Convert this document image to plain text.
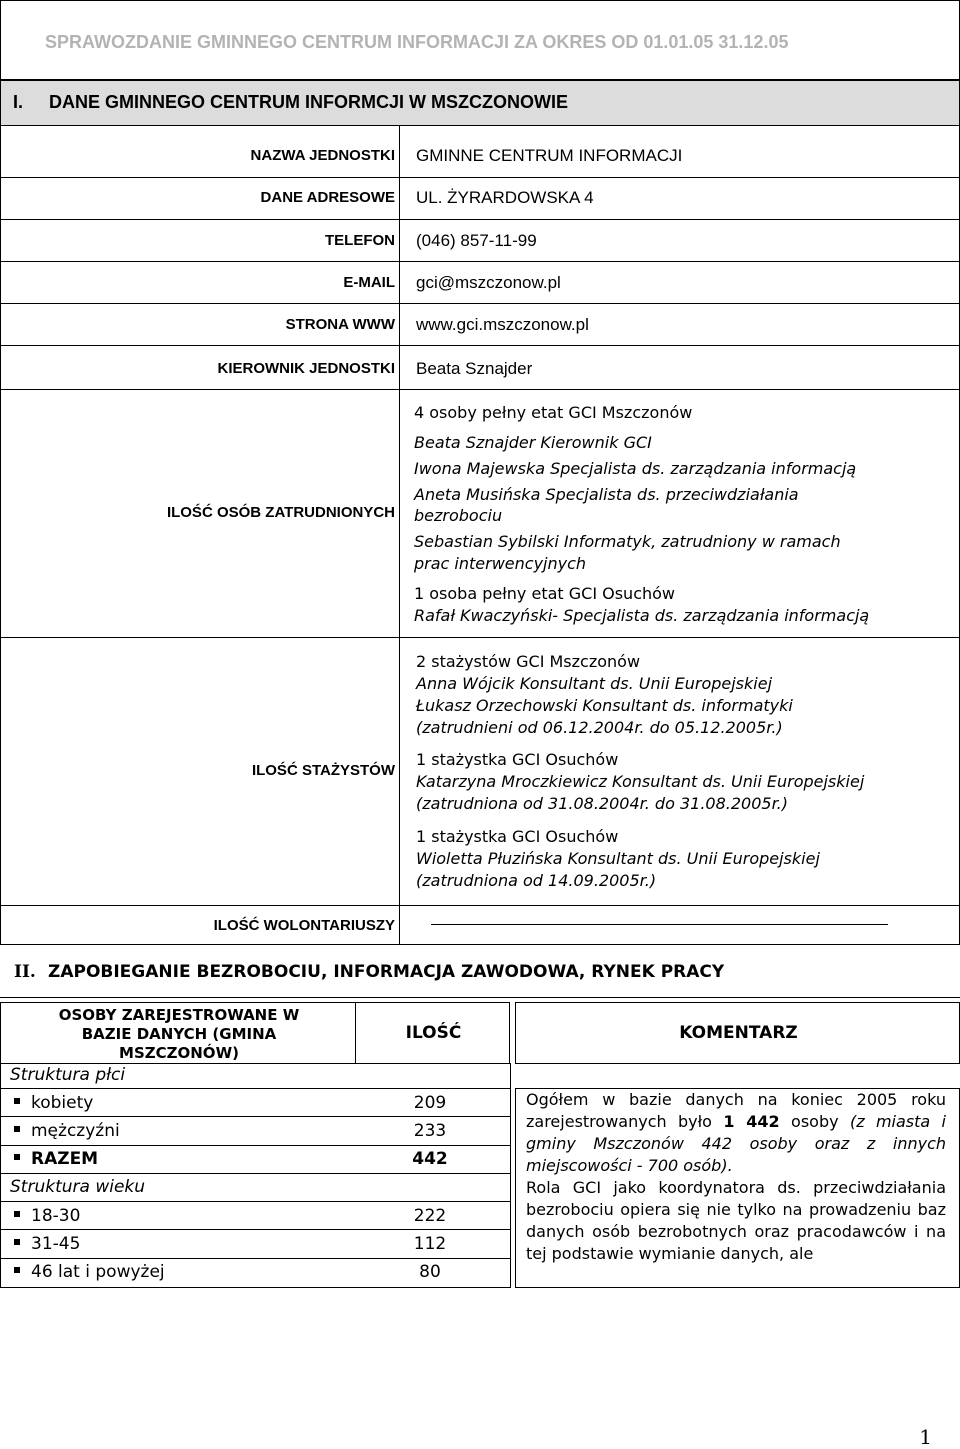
SPRAWOZDANIE GMINNEGO CENTRUM INFORMACJI ZA OKRES OD 01.01.05 31.12.05
I. DANE GMINNEGO CENTRUM INFORMCJI W MSZCZONOWIE
NAZWA JEDNOSTKI GMINNE CENTRUM INFORMACJI
DANE ADRESOWE UL. ŻYRARDOWSKA 4
TELEFON (046) 857-11-99
E-MAIL gci@mszczonow.pl
STRONA WWW www.gci.mszczonow.pl
KIEROWNIK JEDNOSTKI Beata Sznajder
ILOŚĆ OSÓB ZATRUDNIONYCH
4 osoby pełny etat GCI Mszczonów
Beata Sznajder Kierownik GCI
Iwona Majewska Specjalista ds. zarządzania informacją
Aneta Musińska Specjalista ds. przeciwdziałania
bezrobociu
Sebastian Sybilski Informatyk, zatrudniony w ramach
prac interwencyjnych
1 osoba pełny etat GCI Osuchów
Rafał Kwaczyński- Specjalista ds. zarządzania informacją
ILOŚĆ STAŻYSTÓW
2 stażystów GCI Mszczonów
Anna Wójcik Konsultant ds. Unii Europejskiej
Łukasz Orzechowski Konsultant ds. informatyki
(zatrudnieni od 06.12.2004r. do 05.12.2005r.)
1 stażystka GCI Osuchów
Katarzyna Mroczkiewicz Konsultant ds. Unii Europejskiej
(zatrudniona od 31.08.2004r. do 31.08.2005r.)
1 stażystka GCI Osuchów
Wioletta Płuzińska Konsultant ds. Unii Europejskiej
(zatrudniona od 14.09.2005r.)
ILOŚĆ WOLONTARIUSZY
II. ZAPOBIEGANIE BEZROBOCIU, INFORMACJA ZAWODOWA, RYNEK PRACY
OSOBY ZAREJESTROWANE W
BAZIE DANYCH (GMINA
MSZCZONÓW)
ILOŚĆ	KOMENTARZ
Struktura płci
kobiety	209
mężczyźni	233
RAZEM	442
Struktura wieku
18-30	222
31-45	112
46 lat i powyżej	80
Ogółem w bazie danych na koniec 2005 roku zarejestrowanych było 1 442 osoby (z miasta i gminy Mszczonów 442 osoby oraz z innych miejscowości - 700 osób).
Rola GCI jako koordynatora ds. przeciwdziałania bezrobociu opiera się nie tylko na prowadzeniu baz danych osób bezrobotnych oraz pracodawców i na tej podstawie wymianie danych, ale
1
